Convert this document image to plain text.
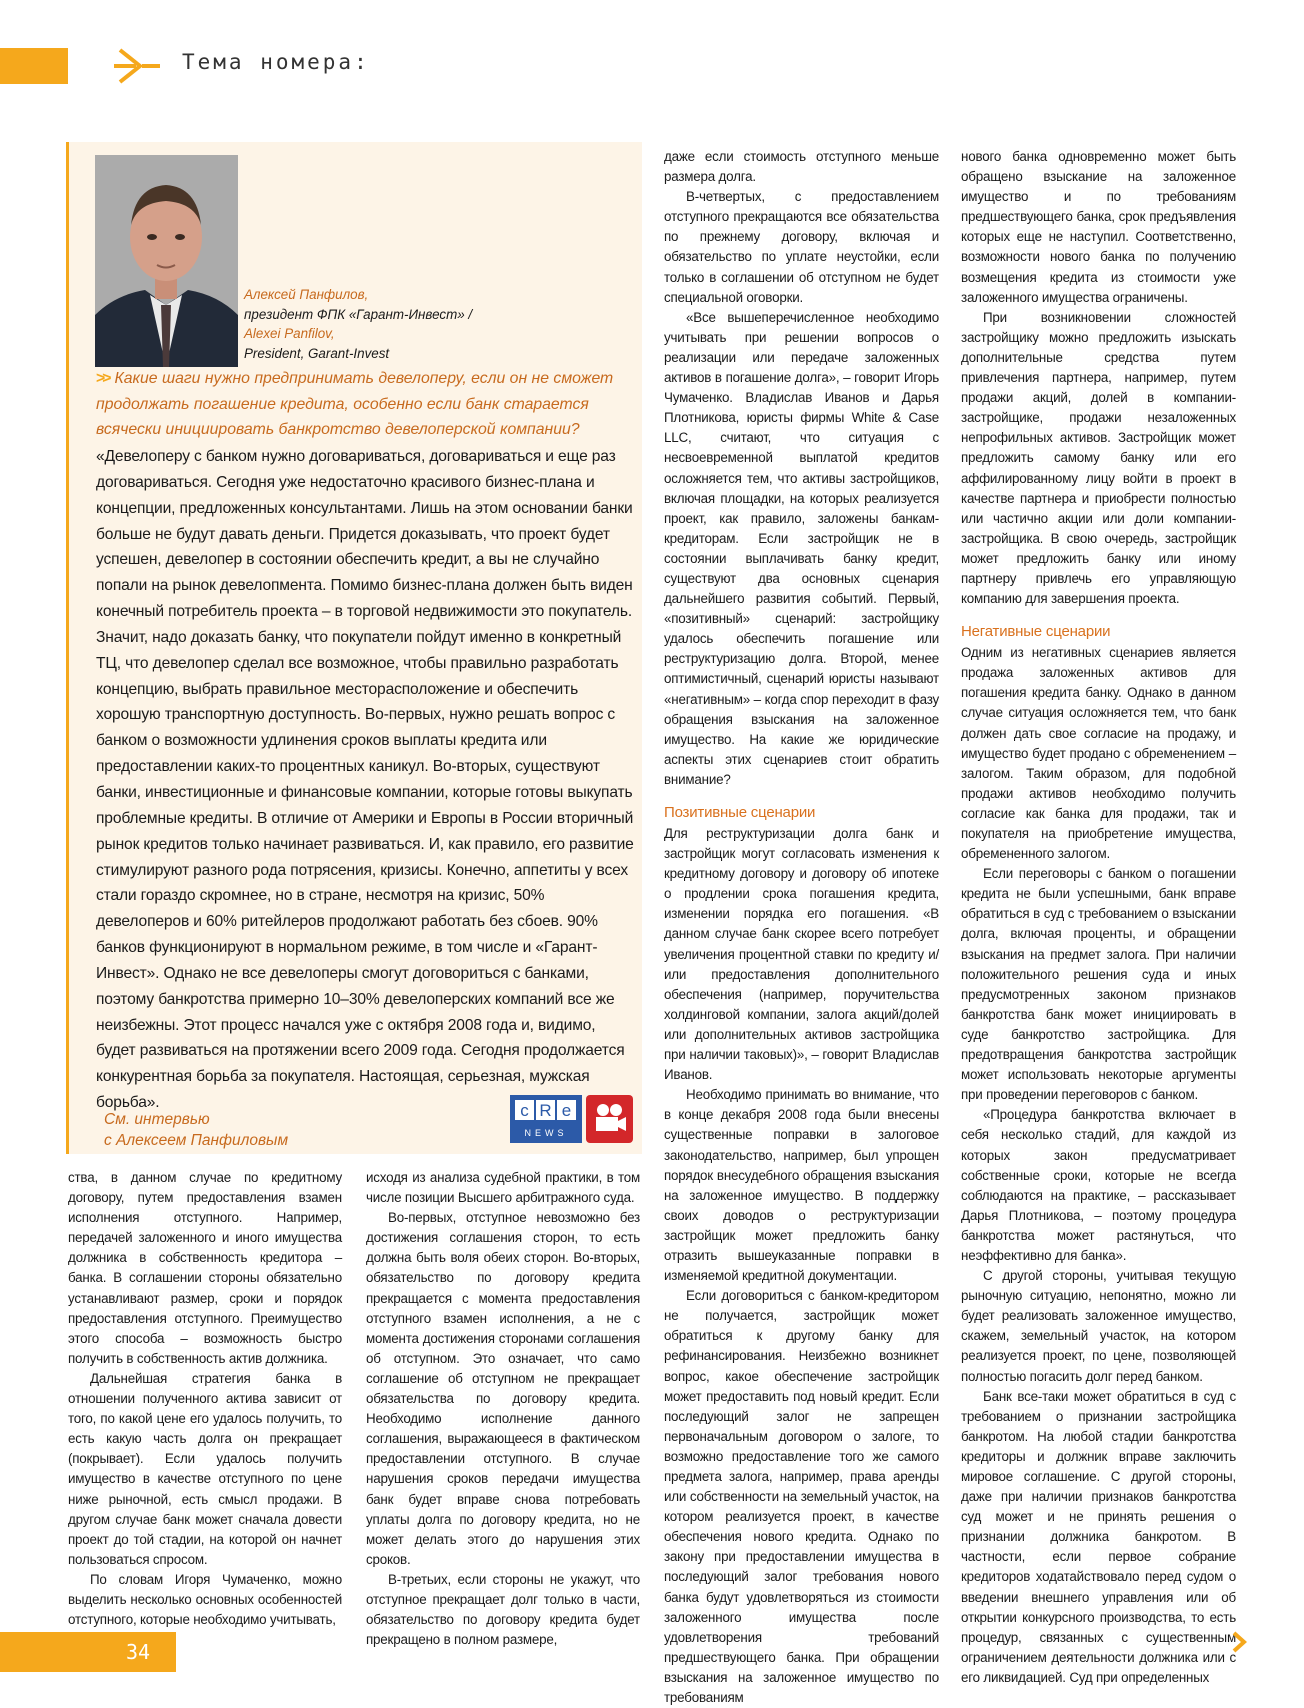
Тема номера:
Алексей Панфилов,
президент ФПК «Гарант-Инвест» /
Alexei Panfilov,
President, Garant-Invest
>> Какие шаги нужно предпринимать девелоперу, если он не сможет продолжать погашение кредита, особенно если банк старается всячески инициировать банкротство девелоперской компании?
«Девелоперу с банком нужно договариваться, договариваться и еще раз договариваться. Сегодня уже недостаточно красивого бизнес-плана и концепции, предложенных консультантами. Лишь на этом основании банки больше не будут давать деньги. Придется доказывать, что проект будет успешен, девелопер в состоянии обеспечить кредит, а вы не случайно попали на рынок девелопмента. Помимо бизнес-плана должен быть виден конечный потребитель проекта – в торговой недвижимости это покупатель. Значит, надо доказать банку, что покупатели пойдут именно в конкретный ТЦ, что девелопер сделал все возможное, чтобы правильно разработать концепцию, выбрать правильное месторасположение и обеспечить хорошую транспортную доступность. Во-первых, нужно решать вопрос с банком о возможности удлинения сроков выплаты кредита или предоставлении каких-то процентных каникул. Во-вторых, существуют банки, инвестиционные и финансовые компании, которые готовы выкупать проблемные кредиты. В отличие от Америки и Европы в России вторичный рынок кредитов только начинает развиваться. И, как правило, его развитие стимулируют разного рода потрясения, кризисы. Конечно, аппетиты у всех стали гораздо скромнее, но в стране, несмотря на кризис, 50% девелоперов и 60% ритейлеров продолжают работать без сбоев. 90% банков функционируют в нормальном режиме, в том числе и «Гарант-Инвест». Однако не все девелоперы смогут договориться с банками, поэтому банкротства примерно 10–30% девелоперских компаний все же неизбежны. Этот процесс начался уже с октября 2008 года и, видимо, будет развиваться на протяжении всего 2009 года. Сегодня продолжается конкурентная борьба за покупателя. Настоящая, серьезная, мужская борьба».
См. интервью
с Алексеем Панфиловым
c R e
NEWS

ства, в данном случае по кредитному договору, путем предоставления взамен исполнения отступного. Например, передачей заложенного и иного имущества должника в собственность кредитора – банка. В соглашении стороны обязательно устанавливают размер, сроки и порядок предоставления отступного. Преимущество этого способа – возможность быстро получить в собственность актив должника.

Дальнейшая стратегия банка в отношении полученного актива зависит от того, по какой цене его удалось получить, то есть какую часть долга он прекращает (покрывает). Если удалось получить имущество в качестве отступного по цене ниже рыночной, есть смысл продажи. В другом случае банк может сначала довести проект до той стадии, на которой он начнет пользоваться спросом.

По словам Игоря Чумаченко, можно выделить несколько основных особенностей отступного, которые необходимо учитывать,

исходя из анализа судебной практики, в том числе позиции Высшего арбитражного суда.

Во-первых, отступное невозможно без достижения соглашения сторон, то есть должна быть воля обеих сторон. Во-вторых, обязательство по договору кредита прекращается с момента предоставления отступного взамен исполнения, а не с момента достижения сторонами соглашения об отступном. Это означает, что само соглашение об отступном не прекращает обязательства по договору кредита. Необходимо исполнение данного соглашения, выражающееся в фактическом предоставлении отступного. В случае нарушения сроков передачи имущества банк будет вправе снова потребовать уплаты долга по договору кредита, но не может делать этого до нарушения этих сроков.

В-третьих, если стороны не укажут, что отступное прекращает долг только в части, обязательство по договору кредита будет прекращено в полном размере,

даже если стоимость отступного меньше размера долга.

В-четвертых, с предоставлением отступного прекращаются все обязательства по прежнему договору, включая и обязательство по уплате неустойки, если только в соглашении об отступном не будет специальной оговорки.

«Все вышеперечисленное необходимо учитывать при решении вопросов о реализации или передаче заложенных активов в погашение долга», – говорит Игорь Чумаченко. Владислав Иванов и Дарья Плотникова, юристы фирмы White & Case LLC, считают, что ситуация с несвоевременной выплатой кредитов осложняется тем, что активы застройщиков, включая площадки, на которых реализуется проект, как правило, заложены банкам-кредиторам. Если застройщик не в состоянии выплачивать банку кредит, существуют два основных сценария дальнейшего развития событий. Первый, «позитивный» сценарий: застройщику удалось обеспечить погашение или реструктуризацию долга. Второй, менее оптимистичный, сценарий юристы называют «негативным» – когда спор переходит в фазу обращения взыскания на заложенное имущество. На какие же юридические аспекты этих сценариев стоит обратить внимание?

Позитивные сценарии

Для реструктуризации долга банк и застройщик могут согласовать изменения к кредитному договору и договору об ипотеке о продлении срока погашения кредита, изменении порядка его погашения. «В данном случае банк скорее всего потребует увеличения процентной ставки по кредиту и/или предоставления дополнительного обеспечения (например, поручительства холдинговой компании, залога акций/долей или дополнительных активов застройщика при наличии таковых)», – говорит Владислав Иванов.

Необходимо принимать во внимание, что в конце декабря 2008 года были внесены существенные поправки в залоговое законодательство, например, был упрощен порядок внесудебного обращения взыскания на заложенное имущество. В поддержку своих доводов о реструктуризации застройщик может предложить банку отразить вышеуказанные поправки в изменяемой кредитной документации.

Если договориться с банком-кредитором не получается, застройщик может обратиться к другому банку для рефинансирования. Неизбежно возникнет вопрос, какое обеспечение застройщик может предоставить под новый кредит. Если последующий залог не запрещен первоначальным договором о залоге, то возможно предоставление того же самого предмета залога, например, права аренды или собственности на земельный участок, на котором реализуется проект, в качестве обеспечения нового кредита. Однако по закону при предоставлении имущества в последующий залог требования нового банка будут удовлетворяться из стоимости заложенного имущества после удовлетворения требований предшествующего банка. При обращении взыскания на заложенное имущество по требованиям

нового банка одновременно может быть обращено взыскание на заложенное имущество и по требованиям предшествующего банка, срок предъявления которых еще не наступил. Соответственно, возможности нового банка по получению возмещения кредита из стоимости уже заложенного имущества ограничены.

При возникновении сложностей застройщику можно предложить изыскать дополнительные средства путем привлечения партнера, например, путем продажи акций, долей в компании-застройщике, продажи незаложенных непрофильных активов. Застройщик может предложить самому банку или его аффилированному лицу войти в проект в качестве партнера и приобрести полностью или частично акции или доли компании-застройщика. В свою очередь, застройщик может предложить банку или иному партнеру привлечь его управляющую компанию для завершения проекта.

Негативные сценарии

Одним из негативных сценариев является продажа заложенных активов для погашения кредита банку. Однако в данном случае ситуация осложняется тем, что банк должен дать свое согласие на продажу, и имущество будет продано с обременением – залогом. Таким образом, для подобной продажи активов необходимо получить согласие как банка для продажи, так и покупателя на приобретение имущества, обремененного залогом.

Если переговоры с банком о погашении кредита не были успешными, банк вправе обратиться в суд с требованием о взыскании долга, включая проценты, и обращении взыскания на предмет залога. При наличии положительного решения суда и иных предусмотренных законом признаков банкротства банк может инициировать в суде банкротство застройщика. Для предотвращения банкротства застройщик может использовать некоторые аргументы при проведении переговоров с банком.

«Процедура банкротства включает в себя несколько стадий, для каждой из которых закон предусматривает собственные сроки, которые не всегда соблюдаются на практике, – рассказывает Дарья Плотникова, – поэтому процедура банкротства может растянуться, что неэффективно для банка».

С другой стороны, учитывая текущую рыночную ситуацию, непонятно, можно ли будет реализовать заложенное имущество, скажем, земельный участок, на котором реализуется проект, по цене, позволяющей полностью погасить долг перед банком.

Банк все-таки может обратиться в суд с требованием о признании застройщика банкротом. На любой стадии банкротства кредиторы и должник вправе заключить мировое соглашение. С другой стороны, даже при наличии признаков банкротства суд может и не принять решения о признании должника банкротом. В частности, если первое собрание кредиторов ходатайствовало перед судом о введении внешнего управления или об открытии конкурсного производства, то есть процедур, связанных с существенным ограничением деятельности должника или с его ликвидацией. Суд при определенных

34
